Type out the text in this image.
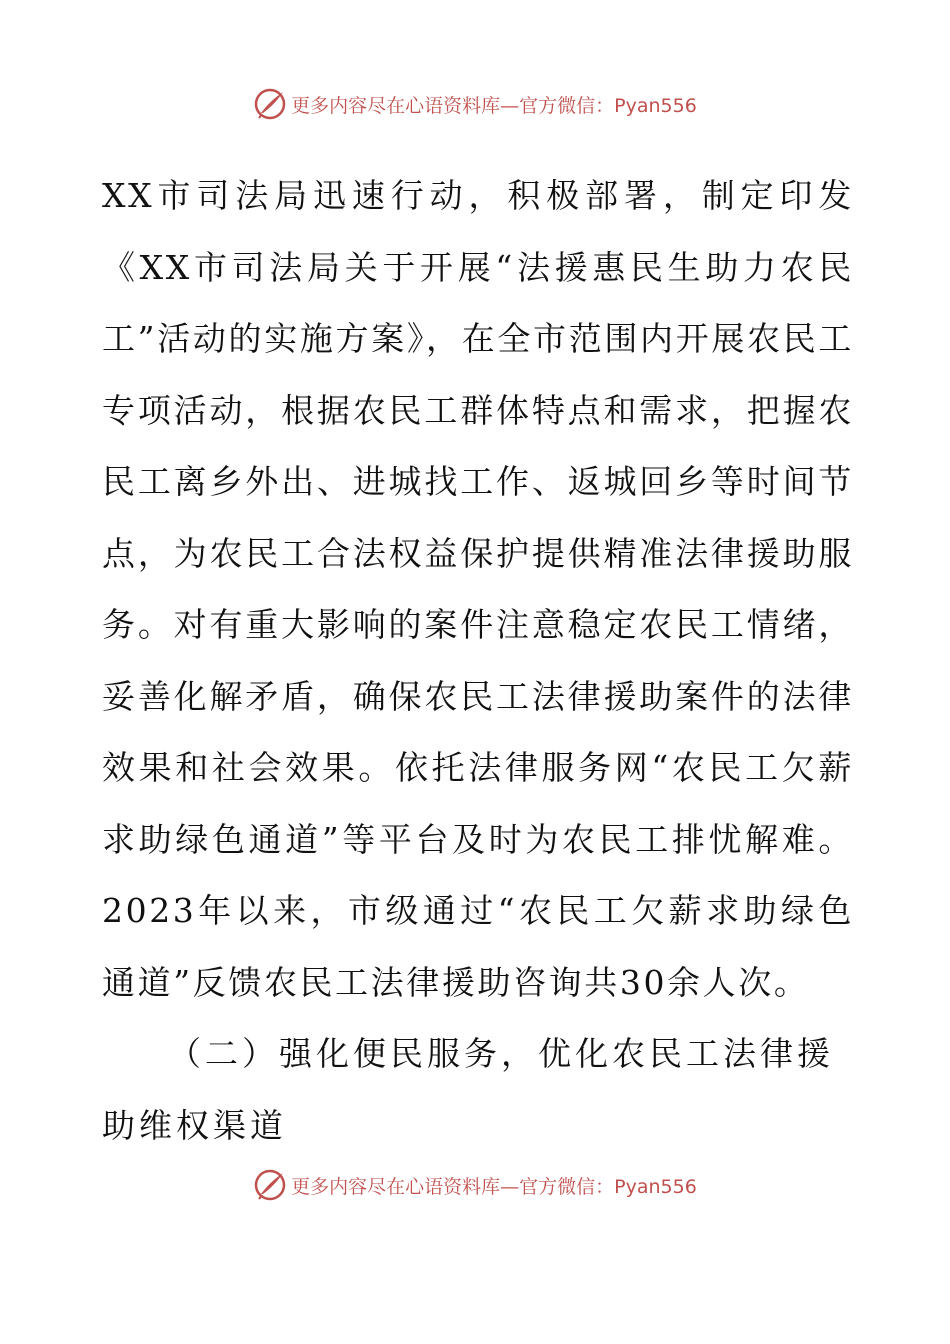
更多内容尽在心语资料库— 官方微信：Pyan556

XX市司法局迅速行动，积极部署，制定印发《XX市司法局关于开展“法援惠民生助力农民工”活动的实施方案》，在全市范围内开展农民工专项活动，根据农民工群体特点和需求，把握农民工离乡外出、进城找工作、返城回乡等时间节点，为农民工合法权益保护提供精准法律援助服务。对有重大影响的案件注意稳定农民工情绪，妥善化解矛盾，确保农民工法律援助案件的法律效果和社会效果。依托法律服务网“农民工欠薪求助绿色通道”等平台及时为农民工排忧解难。2023年以来，市级通过“农民工欠薪求助绿色通道”反馈农民工法律援助咨询共30余人次。

（二）强化便民服务，优化农民工法律援助维权渠道

更多内容尽在心语资料库— 官方微信：Pyan556
